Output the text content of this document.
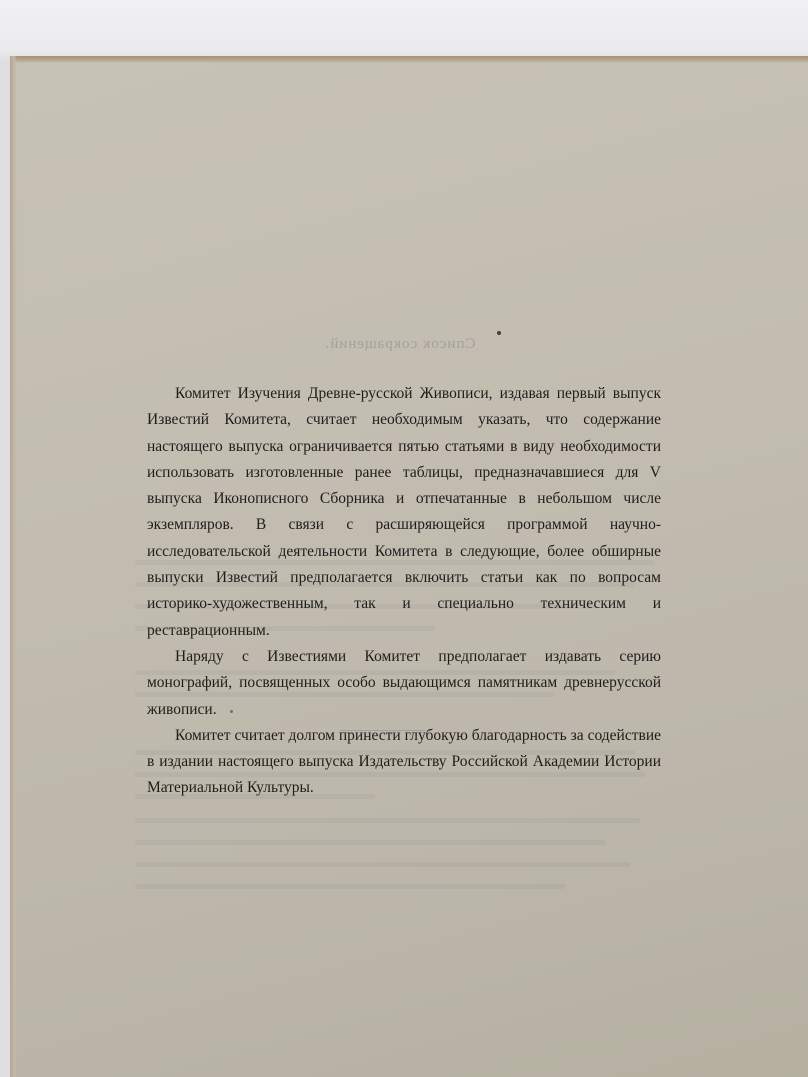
Список сокращений.

Комитет Изучения Древне-русской Живописи, издавая первый выпуск Известий Комитета, считает необходимым указать, что содержание настоящего выпуска ограничивается пятью статьями в виду необходимости использовать изготовленные ранее таблицы, предназначавшиеся для V выпуска Иконописного Сборника и отпечатанные в небольшом числе экземпляров. В связи с расширяющейся программой научно-исследовательской деятельности Комитета в следующие, более обширные выпуски Известий предполагается включить статьи как по вопросам историко-художественным, так и специально техническим и реставрационным.

Наряду с Известиями Комитет предполагает издавать серию монографий, посвященных особо выдающимся памятникам древнерусской живописи.

Комитет считает долгом принести глубокую благодарность за содействие в издании настоящего выпуска Издательству Российской Академии Истории Материальной Культуры.
